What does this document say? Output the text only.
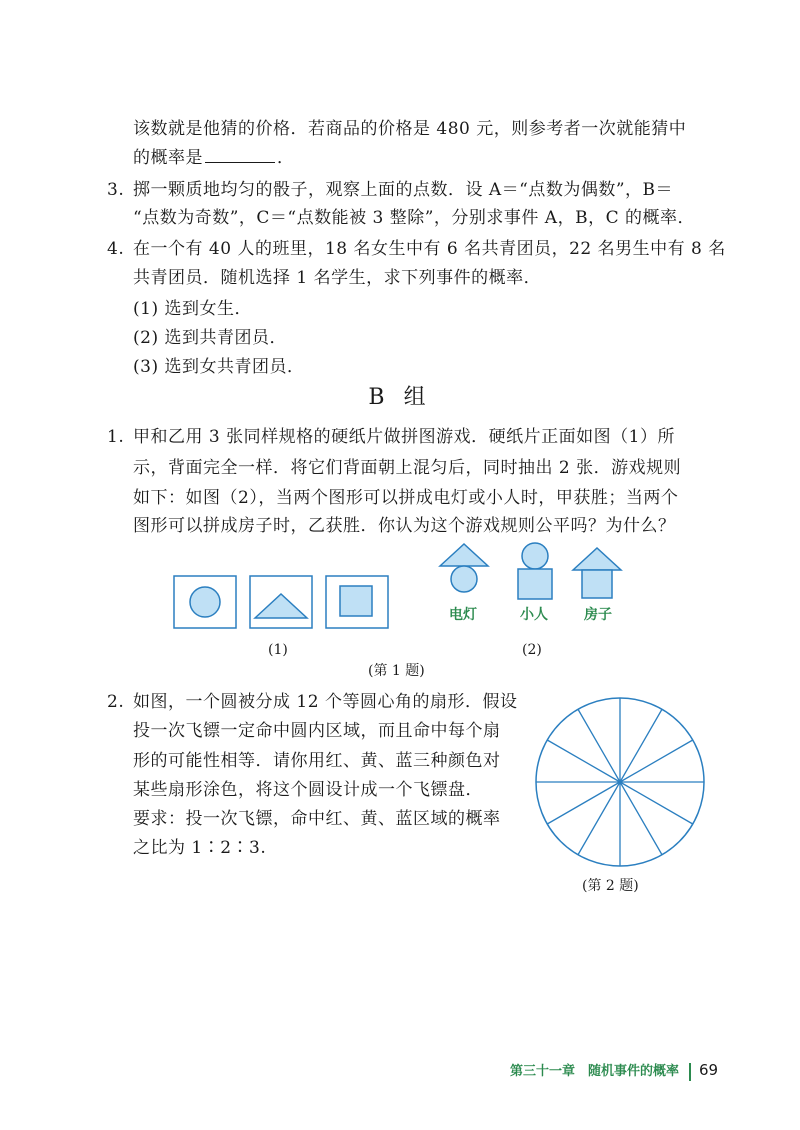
该数就是他猜的价格．若商品的价格是 480 元，则参考者一次就能猜中
的概率是	．
3. 掷一颗质地均匀的骰子，观察上面的点数．设 A＝“点数为偶数”，B＝
“点数为奇数”，C＝“点数能被 3 整除”，分别求事件 A，B，C 的概率．
4. 在一个有 40 人的班里，18 名女生中有 6 名共青团员，22 名男生中有 8 名
共青团员．随机选择 1 名学生，求下列事件的概率．
(1) 选到女生．
(2) 选到共青团员．
(3) 选到女共青团员．
B 组
1. 甲和乙用 3 张同样规格的硬纸片做拼图游戏．硬纸片正面如图（1）所
示，背面完全一样．将它们背面朝上混匀后，同时抽出 2 张．游戏规则
如下：如图（2），当两个图形可以拼成电灯或小人时，甲获胜；当两个
图形可以拼成房子时，乙获胜．你认为这个游戏规则公平吗？为什么？
电灯	小人	房子
(1)	(2)
(第 1 题)
2. 如图，一个圆被分成 12 个等圆心角的扇形．假设
投一次飞镖一定命中圆内区域，而且命中每个扇
形的可能性相等．请你用红、黄、蓝三种颜色对
某些扇形涂色，将这个圆设计成一个飞镖盘．
要求：投一次飞镖，命中红、黄、蓝区域的概率
之比为 1∶2∶3.
(第 2 题)
第三十一章　随机事件的概率 69
